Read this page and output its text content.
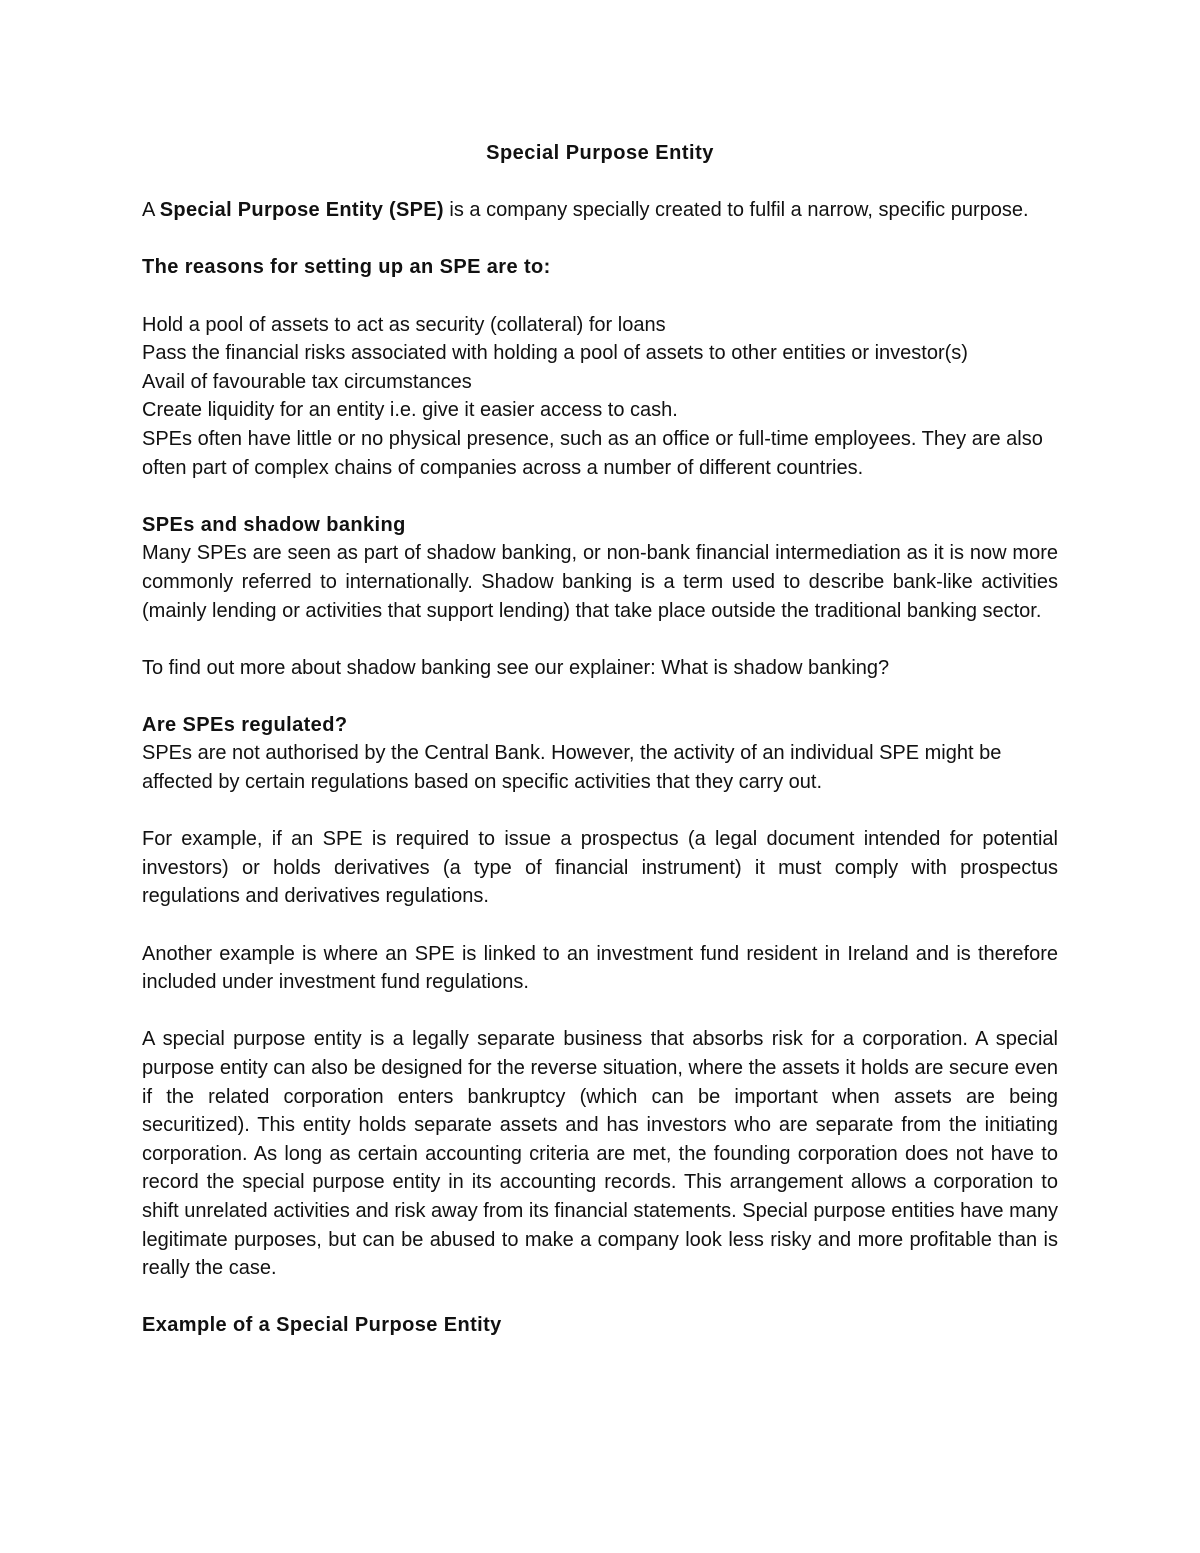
Special Purpose Entity

A Special Purpose Entity (SPE) is a company specially created to fulfil a narrow, specific purpose.

The reasons for setting up an SPE are to:

Hold a pool of assets to act as security (collateral) for loans

Pass the financial risks associated with holding a pool of assets to other entities or investor(s)

Avail of favourable tax circumstances

Create liquidity for an entity i.e. give it easier access to cash.

SPEs often have little or no physical presence, such as an office or full-time employees. They are also often part of complex chains of companies across a number of different countries.

SPEs and shadow banking

Many SPEs are seen as part of shadow banking, or non-bank financial intermediation as it is now more commonly referred to internationally. Shadow banking is a term used to describe bank-like activities (mainly lending or activities that support lending) that take place outside the traditional banking sector.

To find out more about shadow banking see our explainer: What is shadow banking?

Are SPEs regulated?

SPEs are not authorised by the Central Bank. However, the activity of an individual SPE might be affected by certain regulations based on specific activities that they carry out.

For example, if an SPE is required to issue a prospectus (a legal document intended for potential investors) or holds derivatives (a type of financial instrument) it must comply with prospectus regulations and derivatives regulations.

Another example is where an SPE is linked to an investment fund resident in Ireland and is therefore included under investment fund regulations.

A special purpose entity is a legally separate business that absorbs risk for a corporation. A special purpose entity can also be designed for the reverse situation, where the assets it holds are secure even if the related corporation enters bankruptcy (which can be important when assets are being securitized). This entity holds separate assets and has investors who are separate from the initiating corporation. As long as certain accounting criteria are met, the founding corporation does not have to record the special purpose entity in its accounting records. This arrangement allows a corporation to shift unrelated activities and risk away from its financial statements. Special purpose entities have many legitimate purposes, but can be abused to make a company look less risky and more profitable than is really the case.

Example of a Special Purpose Entity
